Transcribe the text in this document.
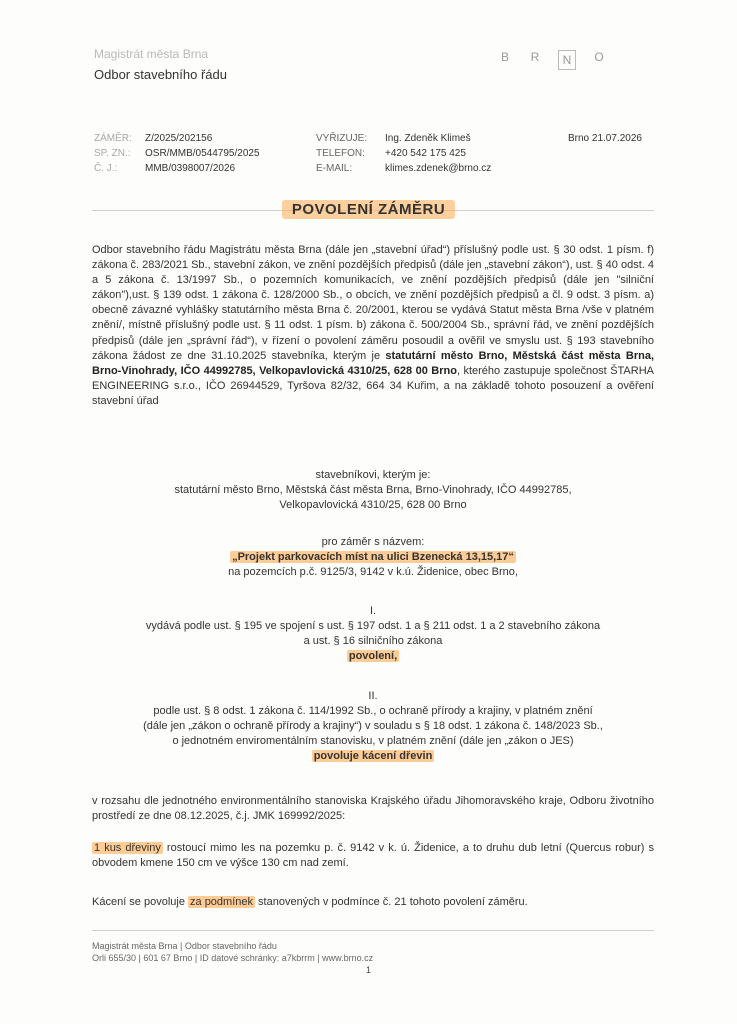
Magistrát města Brna
Odbor stavebního řádu
B R	N	O
ZÁMĚR:
SP. ZN.:
Č. J.:
Z/2025/202156
OSR/MMB/0544795/2025
MMB/0398007/2026
VYŘIZUJE:
TELEFON:
E-MAIL:
Ing. Zdeněk Klimeš
+420 542 175 425
klimes.zdenek@brno.cz
Brno 21.07.2026
POVOLENÍ ZÁMĚRU
Odbor stavebního řádu Magistrátu města Brna (dále jen „stavební úřad“) příslušný podle ust. § 30 odst. 1 písm. f) zákona č. 283/2021 Sb., stavební zákon, ve znění pozdějších předpisů (dále jen „stavební zákon“), ust. § 40 odst. 4 a 5 zákona č. 13/1997 Sb., o pozemních komunikacích, ve znění pozdějších předpisů (dále jen "silniční zákon"),ust. § 139 odst. 1 zákona č. 128/2000 Sb., o obcích, ve znění pozdějších předpisů a čl. 9 odst. 3 písm. a) obecně závazné vyhlášky statutárního města Brna č. 20/2001, kterou se vydává Statut města Brna /vše v platném znění/, místně příslušný podle ust. § 11 odst. 1 písm. b) zákona č. 500/2004 Sb., správní řád, ve znění pozdějších předpisů (dále jen „správní řád“), v řízení o povolení záměru posoudil a ověřil ve smyslu ust. § 193 stavebního zákona žádost ze dne 31.10.2025 stavebníka, kterým je statutární město Brno, Městská část města Brna, Brno-Vinohrady, IČO 44992785, Velkopavlovická 4310/25, 628 00 Brno, kterého zastupuje společnost ŠTARHA ENGINEERING s.r.o., IČO 26944529, Tyršova 82/32, 664 34 Kuřim, a na základě tohoto posouzení a ověření stavební úřad
stavebníkovi, kterým je:
statutární město Brno, Městská část města Brna, Brno-Vinohrady, IČO 44992785,
Velkopavlovická 4310/25, 628 00 Brno
pro záměr s názvem:
„Projekt parkovacích míst na ulici Bzenecká 13,15,17“
na pozemcích p.č. 9125/3, 9142 v k.ú. Židenice, obec Brno,
I.
vydává podle ust. § 195 ve spojení s ust. § 197 odst. 1 a § 211 odst. 1 a 2 stavebního zákona
a ust. § 16 silničního zákona
povolení,
II.
podle ust. § 8 odst. 1 zákona č. 114/1992 Sb., o ochraně přírody a krajiny, v platném znění
(dále jen „zákon o ochraně přírody a krajiny“) v souladu s § 18 odst. 1 zákona č. 148/2023 Sb.,
o jednotném enviromentálním stanovisku, v platném znění (dále jen „zákon o JES)
povoluje kácení dřevin
v rozsahu dle jednotného environmentálního stanoviska Krajského úřadu Jihomoravského kraje, Odboru životního prostředí ze dne 08.12.2025, č.j. JMK 169992/2025:
1 kus dřeviny rostoucí mimo les na pozemku p. č. 9142 v k. ú. Židenice, a to druhu dub letní (Quercus robur) s obvodem kmene 150 cm ve výšce 130 cm nad zemí.
Kácení se povoluje za podmínek stanovených v podmínce č. 21 tohoto povolení záměru.
Magistrát města Brna | Odbor stavebního řádu
Orli 655/30 | 601 67 Brno | ID datové schránky: a7kbrrm | www.brno.cz
1
